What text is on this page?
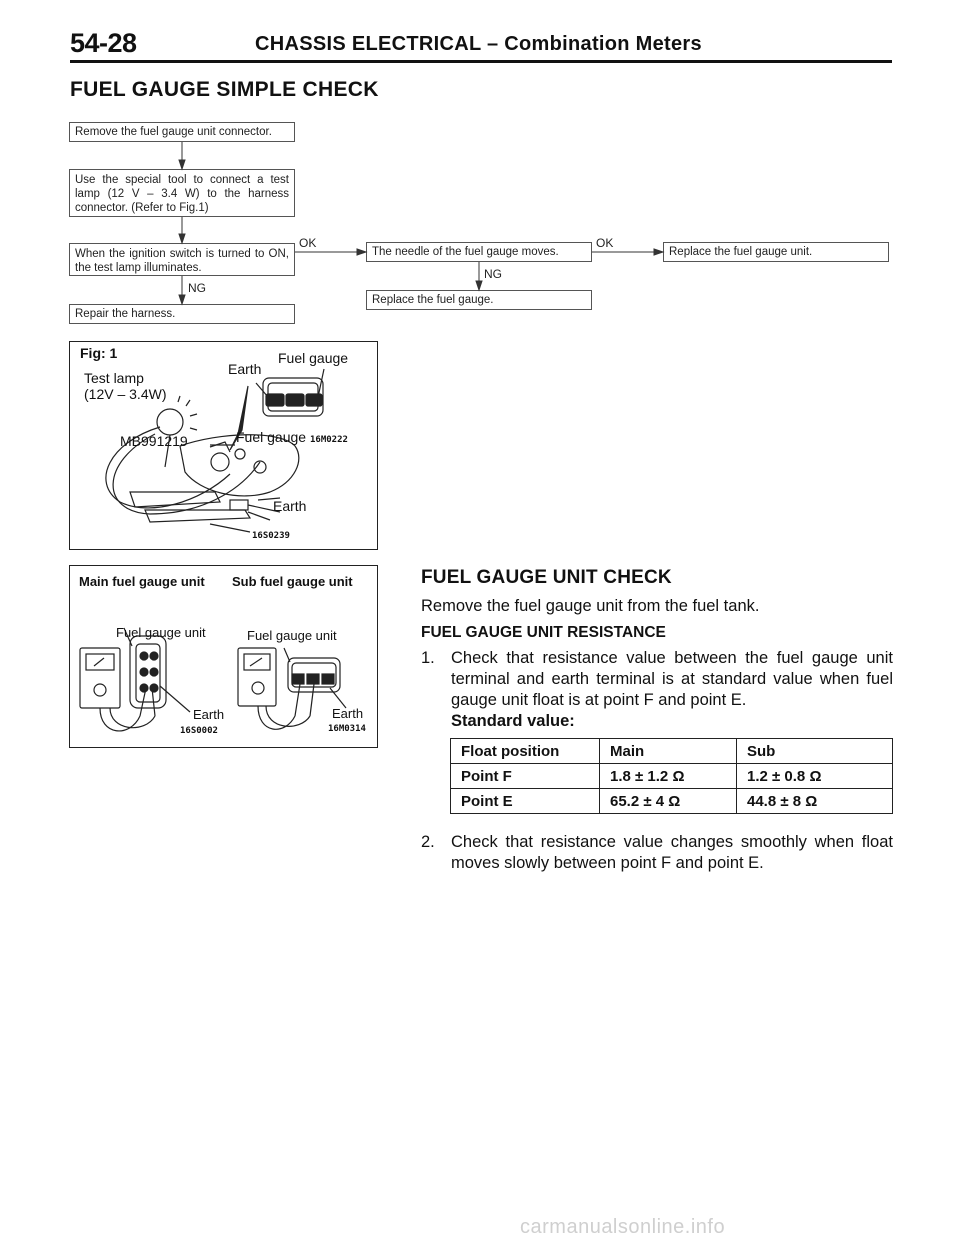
54-28	CHASSIS ELECTRICAL – Combination Meters
FUEL GAUGE SIMPLE CHECK
Remove the fuel gauge unit connector.
Use the special tool to connect a test lamp (12 V – 3.4 W) to the harness connector. (Refer to Fig.1)
When the ignition switch is turned to ON, the test lamp illuminates.
Repair the harness.
The needle of the fuel gauge moves.
Replace the fuel gauge.
Replace the fuel gauge unit.
OK	OK
NG
NG
Fig: 1
Test lamp
(12V – 3.4W)
Earth
Fuel gauge
MB991219	Fuel gauge 16M0222
Earth
16S0239
Main fuel gauge unit Sub fuel gauge unit
Fuel gauge unit	Fuel gauge unit
Earth	Earth
16S0002	16M0314
FUEL GAUGE UNIT CHECK
Remove the fuel gauge unit from the fuel tank.
FUEL GAUGE UNIT RESISTANCE
1. Check that resistance value between the fuel gauge unit terminal and earth terminal is at standard value when fuel gauge unit float is at point F and point E.
Standard value:
Float position	Main	Sub
Point F	1.8 ± 1.2 Ω	1.2 ± 0.8 Ω
Point E	65.2 ± 4 Ω	44.8 ± 8 Ω
2. Check that resistance value changes smoothly when float moves slowly between point F and point E.
carmanualsonline.info
